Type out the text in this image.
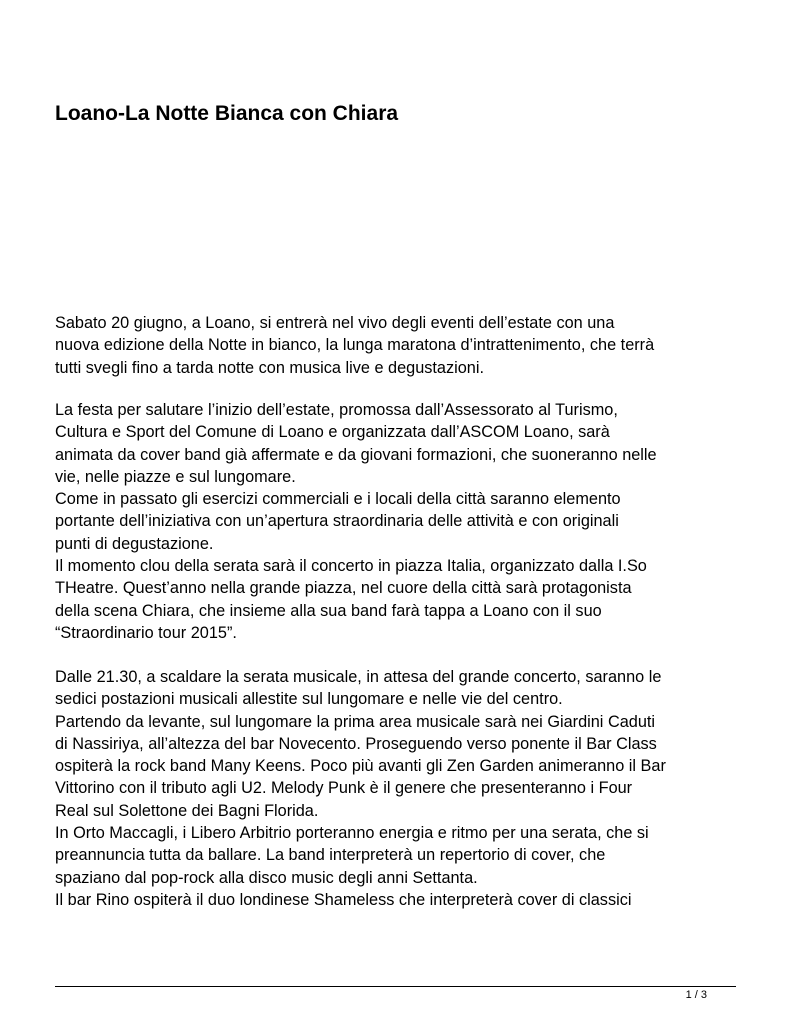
Loano-La Notte Bianca con Chiara
Sabato 20 giugno, a Loano, si entrerà nel vivo degli eventi dell’estate con una
nuova edizione della Notte in bianco, la lunga maratona d’intrattenimento, che terrà
tutti svegli fino a tarda notte con musica live e degustazioni.
La festa per salutare l’inizio dell’estate, promossa dall’Assessorato al Turismo,
Cultura e Sport del Comune di Loano e organizzata dall’ASCOM Loano, sarà
animata da cover band già affermate e da giovani formazioni, che suoneranno nelle
vie, nelle piazze e sul lungomare.
Come in passato gli esercizi commerciali e i locali della città saranno elemento
portante dell’iniziativa con un’apertura straordinaria delle attività e con originali
punti di degustazione.
Il momento clou della serata sarà il concerto in piazza Italia, organizzato dalla I.So
THeatre. Quest’anno nella grande piazza, nel cuore della città sarà protagonista
della scena Chiara, che insieme alla sua band farà tappa a Loano con il suo
“Straordinario tour 2015”.
Dalle 21.30, a scaldare la serata musicale, in attesa del grande concerto, saranno le
sedici postazioni musicali allestite sul lungomare e nelle vie del centro.
Partendo da levante, sul lungomare la prima area musicale sarà nei Giardini Caduti
di Nassiriya, all’altezza del bar Novecento. Proseguendo verso ponente il Bar Class
ospiterà la rock band Many Keens. Poco più avanti gli Zen Garden animeranno il Bar
Vittorino con il tributo agli U2. Melody Punk è il genere che presenteranno i Four
Real sul Solettone dei Bagni Florida.
In Orto Maccagli, i Libero Arbitrio porteranno energia e ritmo per una serata, che si
preannuncia tutta da ballare. La band interpreterà un repertorio di cover, che
spaziano dal pop-rock alla disco music degli anni Settanta.
Il bar Rino ospiterà il duo londinese Shameless che interpreterà cover di classici
1 / 3
